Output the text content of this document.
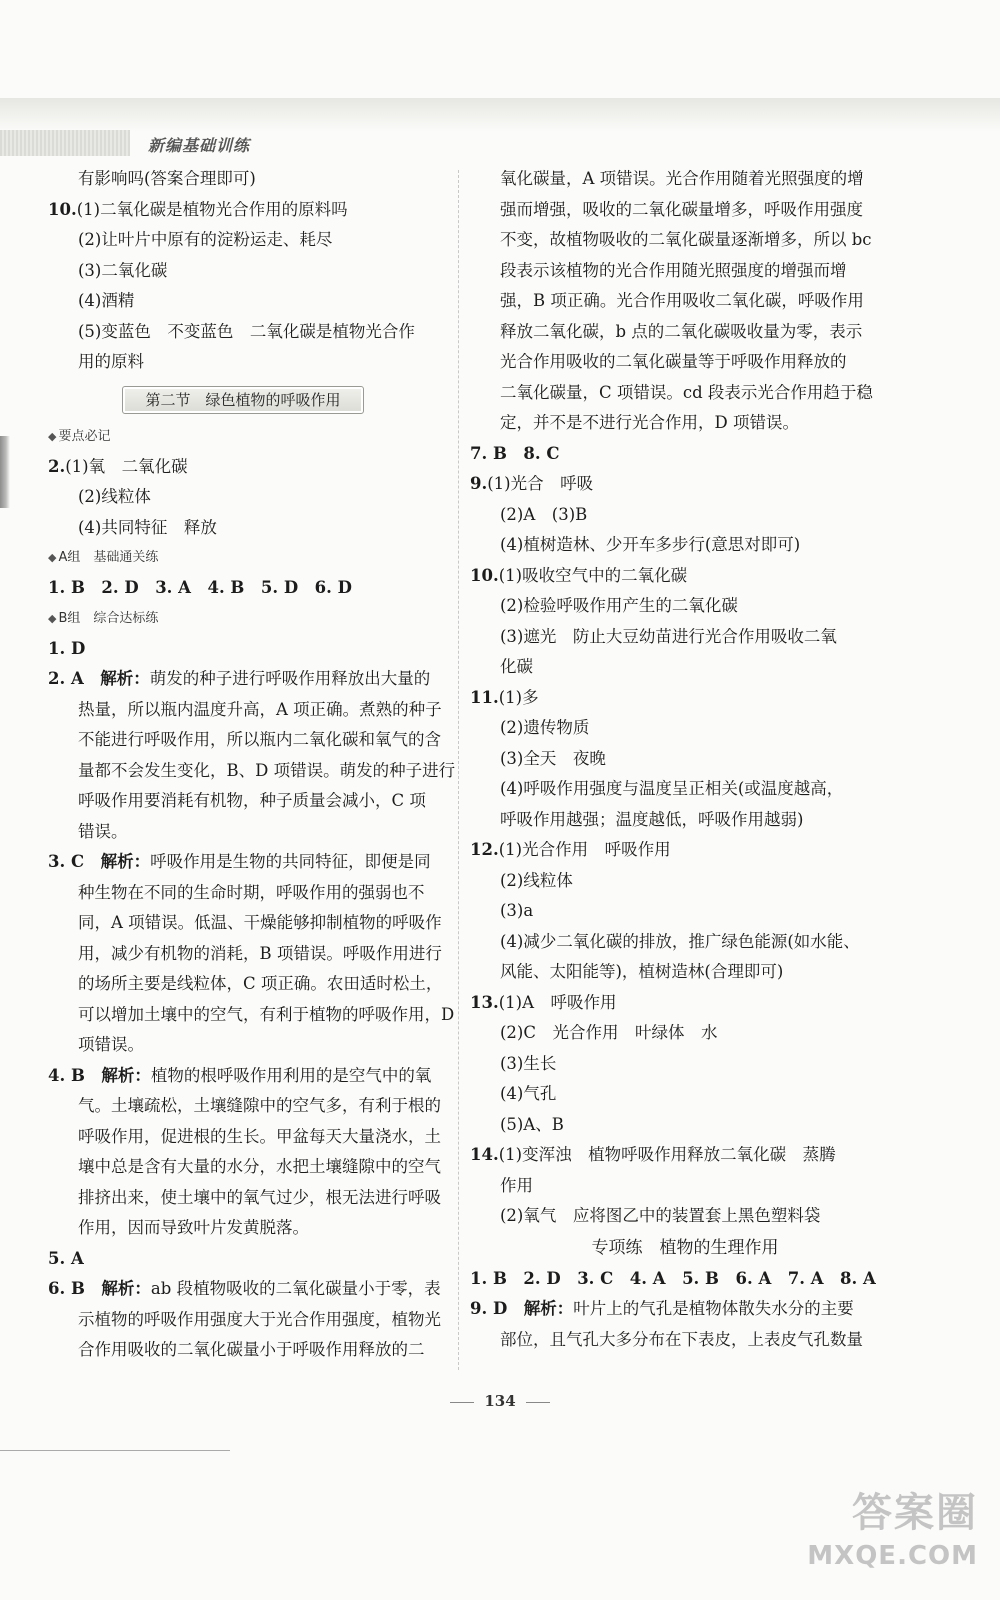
新编基础训练
有影响吗(答案合理即可)
10.(1)二氧化碳是植物光合作用的原料吗
(2)让叶片中原有的淀粉运走、耗尽
(3)二氧化碳
(4)酒精
(5)变蓝色　不变蓝色　二氧化碳是植物光合作
用的原料
第二节　绿色植物的呼吸作用
◆ 要点必记
2.(1)氧　二氧化碳
(2)线粒体
(4)共同特征　释放
◆ A组　基础通关练
1. B　2. D　3. A　4. B　5. D　6. D
◆ B组　综合达标练
1. D
2. A　 解析：萌发的种子进行呼吸作用释放出大量的
热量，所以瓶内温度升高，A 项正确。煮熟的种子
不能进行呼吸作用，所以瓶内二氧化碳和氧气的含
量都不会发生变化，B、D 项错误。萌发的种子进行
呼吸作用要消耗有机物，种子质量会减小，C 项
错误。
3. C　 解析：呼吸作用是生物的共同特征，即便是同
种生物在不同的生命时期，呼吸作用的强弱也不
同，A 项错误。低温、干燥能够抑制植物的呼吸作
用，减少有机物的消耗，B 项错误。呼吸作用进行
的场所主要是线粒体，C 项正确。农田适时松土，
可以增加土壤中的空气，有利于植物的呼吸作用，D
项错误。
4. B　 解析：植物的根呼吸作用利用的是空气中的氧
气。土壤疏松，土壤缝隙中的空气多，有利于根的
呼吸作用，促进根的生长。甲盆每天大量浇水，土
壤中总是含有大量的水分，水把土壤缝隙中的空气
排挤出来，使土壤中的氧气过少，根无法进行呼吸
作用，因而导致叶片发黄脱落。
5. A
6. B　 解析：ab 段植物吸收的二氧化碳量小于零，表
示植物的呼吸作用强度大于光合作用强度，植物光
合作用吸收的二氧化碳量小于呼吸作用释放的二
氧化碳量，A 项错误。光合作用随着光照强度的增
强而增强，吸收的二氧化碳量增多，呼吸作用强度
不变，故植物吸收的二氧化碳量逐渐增多，所以 bc
段表示该植物的光合作用随光照强度的增强而增
强，B 项正确。光合作用吸收二氧化碳，呼吸作用
释放二氧化碳，b 点的二氧化碳吸收量为零，表示
光合作用吸收的二氧化碳量等于呼吸作用释放的
二氧化碳量，C 项错误。cd 段表示光合作用趋于稳
定，并不是不进行光合作用，D 项错误。
7. B　8. C
9.(1)光合　呼吸
(2)A　(3)B
(4)植树造林、少开车多步行(意思对即可)
10.(1)吸收空气中的二氧化碳
(2)检验呼吸作用产生的二氧化碳
(3)遮光　防止大豆幼苗进行光合作用吸收二氧
化碳
11.(1)多
(2)遗传物质
(3)全天　夜晚
(4)呼吸作用强度与温度呈正相关(或温度越高，
呼吸作用越强；温度越低，呼吸作用越弱)
12.(1)光合作用　呼吸作用
(2)线粒体
(3)a
(4)减少二氧化碳的排放，推广绿色能源(如水能、
风能、太阳能等)，植树造林(合理即可)
13.(1)A　呼吸作用
(2)C　光合作用　叶绿体　水
(3)生长
(4)气孔
(5)A、B
14.(1)变浑浊　植物呼吸作用释放二氧化碳　蒸腾
作用
(2)氧气　应将图乙中的装置套上黑色塑料袋
专项练　植物的生理作用
1. B　2. D　3. C　4. A　5. B　6. A　7. A　8. A
9. D　 解析：叶片上的气孔是植物体散失水分的主要
部位，且气孔大多分布在下表皮，上表皮气孔数量
134
答案圈
MXQE.COM
